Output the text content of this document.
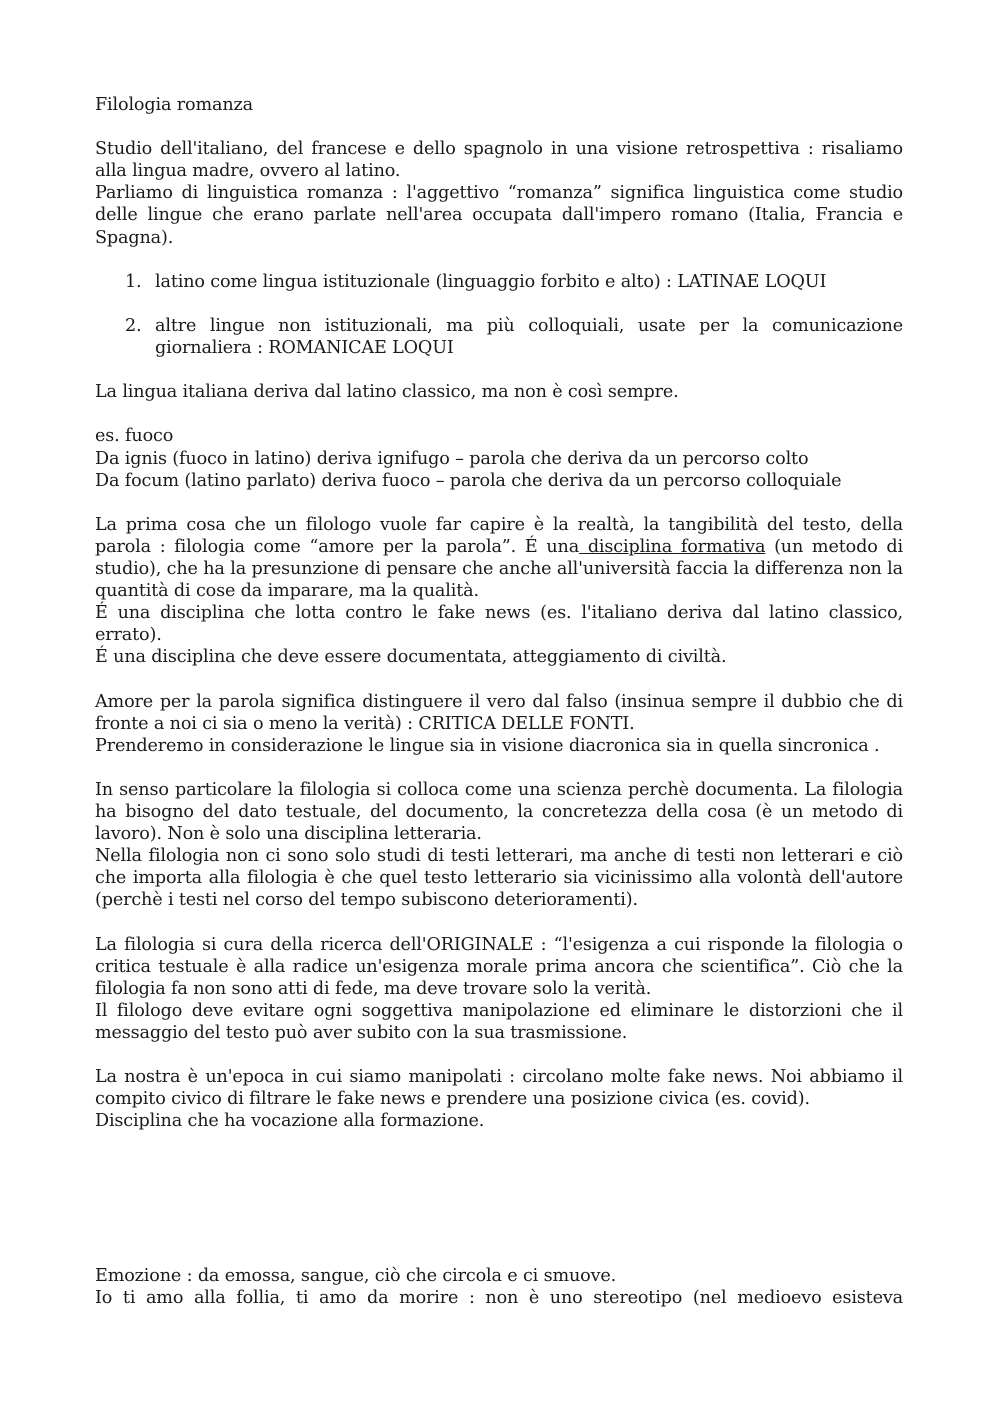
Filologia romanza

Studio dell'italiano, del francese e dello spagnolo in una visione retrospettiva : risaliamo alla lingua madre, ovvero al latino.
Parliamo di linguistica romanza : l'aggettivo “romanza” significa linguistica come studio delle lingue che erano parlate nell'area occupata dall'impero romano (Italia, Francia e Spagna).

1. latino come lingua istituzionale (linguaggio forbito e alto) : LATINAE LOQUI
2. altre lingue non istituzionali, ma più colloquiali, usate per la comunicazione giornaliera : ROMANICAE LOQUI

La lingua italiana deriva dal latino classico, ma non è così sempre.

es. fuoco
Da ignis (fuoco in latino) deriva ignifugo – parola che deriva da un percorso colto
Da focum (latino parlato) deriva fuoco – parola che deriva da un percorso colloquiale

La prima cosa che un filologo vuole far capire è la realtà, la tangibilità del testo, della parola : filologia come “amore per la parola”. É una disciplina formativa (un metodo di studio), che ha la presunzione di pensare che anche all'università faccia la differenza non la quantità di cose da imparare, ma la qualità.
É una disciplina che lotta contro le fake news (es. l'italiano deriva dal latino classico, errato).
É una disciplina che deve essere documentata, atteggiamento di civiltà.

Amore per la parola significa distinguere il vero dal falso (insinua sempre il dubbio che di fronte a noi ci sia o meno la verità) : CRITICA DELLE FONTI.
Prenderemo in considerazione le lingue sia in visione diacronica sia in quella sincronica .

In senso particolare la filologia si colloca come una scienza perchè documenta. La filologia ha bisogno del dato testuale, del documento, la concretezza della cosa (è un metodo di lavoro). Non è solo una disciplina letteraria.
Nella filologia non ci sono solo studi di testi letterari, ma anche di testi non letterari e ciò che importa alla filologia è che quel testo letterario sia vicinissimo alla volontà dell'autore (perchè i testi nel corso del tempo subiscono deterioramenti).

La filologia si cura della ricerca dell'ORIGINALE : “l'esigenza a cui risponde la filologia o critica testuale è alla radice un'esigenza morale prima ancora che scientifica”. Ciò che la filologia fa non sono atti di fede, ma deve trovare solo la verità.
Il filologo deve evitare ogni soggettiva manipolazione ed eliminare le distorzioni che il messaggio del testo può aver subito con la sua trasmissione.

La nostra è un'epoca in cui siamo manipolati : circolano molte fake news. Noi abbiamo il compito civico di filtrare le fake news e prendere una posizione civica (es. covid).
Disciplina che ha vocazione alla formazione.

Emozione : da emossa, sangue, ciò che circola e ci smuove.
Io ti amo alla follia, ti amo da morire : non è uno stereotipo (nel medioevo esisteva
